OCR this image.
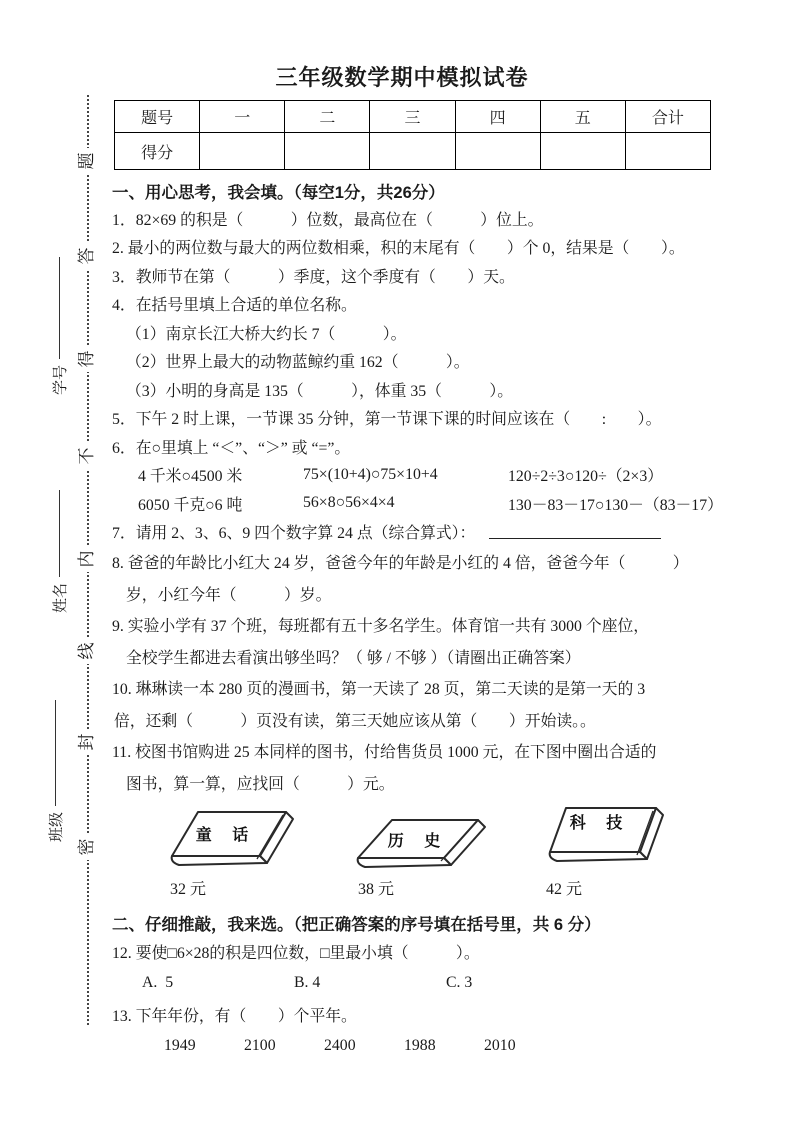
题
答
得
不
内
线
封
密
学号
姓名
班级
三年级数学期中模拟试卷
题号	一	二	三	四	五	合计
得分						
一、用心思考，我会填。（每空1分，共26分）
1．82×69 的积是（　　　）位数，最高位在（　　　）位上。
2. 最小的两位数与最大的两位数相乘，积的末尾有（　　）个 0，结果是（　　）。
3．教师节在第（　　　）季度，这个季度有（　　）天。
4．在括号里填上合适的单位名称。
（1）南京长江大桥大约长 7（　　　）。
（2）世界上最大的动物蓝鲸约重 162（　　　）。
（3）小明的身高是 135（　　　），体重 35（　　　）。
5．下午 2 时上课，一节课 35 分钟，第一节课下课的时间应该在（　　:　　）。
6．在○里填上 “＜”、“＞” 或 “=”。
4 千米○4500 米	75×(10+4)○75×10+4	120÷2÷3○120÷（2×3）
6050 千克○6 吨	56×8○56×4×4	130－83－17○130－（83－17）
7．请用 2、3、6、9 四个数字算 24 点（综合算式）：
8. 爸爸的年龄比小红大 24 岁，爸爸今年的年龄是小红的 4 倍，爸爸今年（　　　）
岁，小红今年（　　　）岁。
9. 实验小学有 37 个班，每班都有五十多名学生。体育馆一共有 3000 个座位，
全校学生都进去看演出够坐吗？（ 够 / 不够 ）（请圈出正确答案）
10. 琳琳读一本 280 页的漫画书，第一天读了 28 页，第二天读的是第一天的 3
倍，还剩（　　　）页没有读，第三天她应该从第（　　）开始读。。
11. 校图书馆购进 25 本同样的图书，付给售货员 1000 元，在下图中圈出合适的
图书，算一算，应找回（　　　）元。
童 话
32 元
历 史
38 元
科 技
42 元
二、仔细推敲，我来选。（把正确答案的序号填在括号里，共 6 分）
12. 要使□6×28的积是四位数，□里最小填（　　　）。
A.  5	B. 4	C. 3
13. 下年年份，有（　　）个平年。
1949	2100	2400	1988	2010
